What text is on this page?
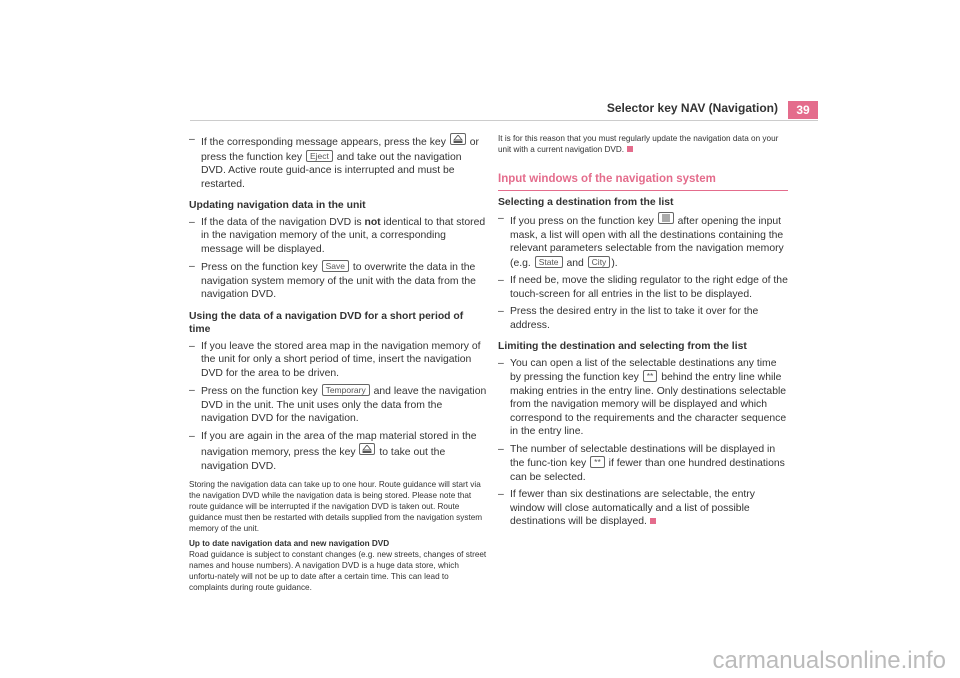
Selector key NAV (Navigation)	39

– If the corresponding message appears, press the key or press the function key Eject and take out the navigation DVD. Active route guid-ance is interrupted and must be restarted.

Updating navigation data in the unit

– If the data of the navigation DVD is not identical to that stored in the navigation memory of the unit, a corresponding message will be displayed.

– Press on the function key Save to overwrite the data in the navigation system memory of the unit with the data from the navigation DVD.

Using the data of a navigation DVD for a short period of time

– If you leave the stored area map in the navigation memory of the unit for only a short period of time, insert the navigation DVD for the area to be driven.

– Press on the function key Temporary and leave the navigation DVD in the unit. The unit uses only the data from the navigation DVD for the navigation.

– If you are again in the area of the map material stored in the navigation memory, press the key to take out the navigation DVD.

Storing the navigation data can take up to one hour. Route guidance will start via the navigation DVD while the navigation data is being stored. Please note that route guidance will be interrupted if the navigation DVD is taken out. Route guidance must then be restarted with details supplied from the navigation system memory of the unit.

Up to date navigation data and new navigation DVD

Road guidance is subject to constant changes (e.g. new streets, changes of street names and house numbers). A navigation DVD is a huge data store, which unfortu-nately will not be up to date after a certain time. This can lead to complaints during route guidance.

It is for this reason that you must regularly update the navigation data on your unit with a current navigation DVD.

Input windows of the navigation system

Selecting a destination from the list

– If you press on the function key after opening the input mask, a list will open with all the destinations containing the relevant parameters selectable from the navigation memory (e.g. State and City ).

– If need be, move the sliding regulator to the right edge of the touch-screen for all entries in the list to be displayed.

– Press the desired entry in the list to take it over for the address.

Limiting the destination and selecting from the list

– You can open a list of the selectable destinations any time by pressing the function key ** behind the entry line while making entries in the entry line. Only destinations selectable from the navigation memory will be displayed and which correspond to the requirements and the character sequence in the entry line.

– The number of selectable destinations will be displayed in the func-tion key ** if fewer than one hundred destinations can be selected.

– If fewer than six destinations are selectable, the entry window will close automatically and a list of possible destinations will be displayed.

carmanualsonline.info
